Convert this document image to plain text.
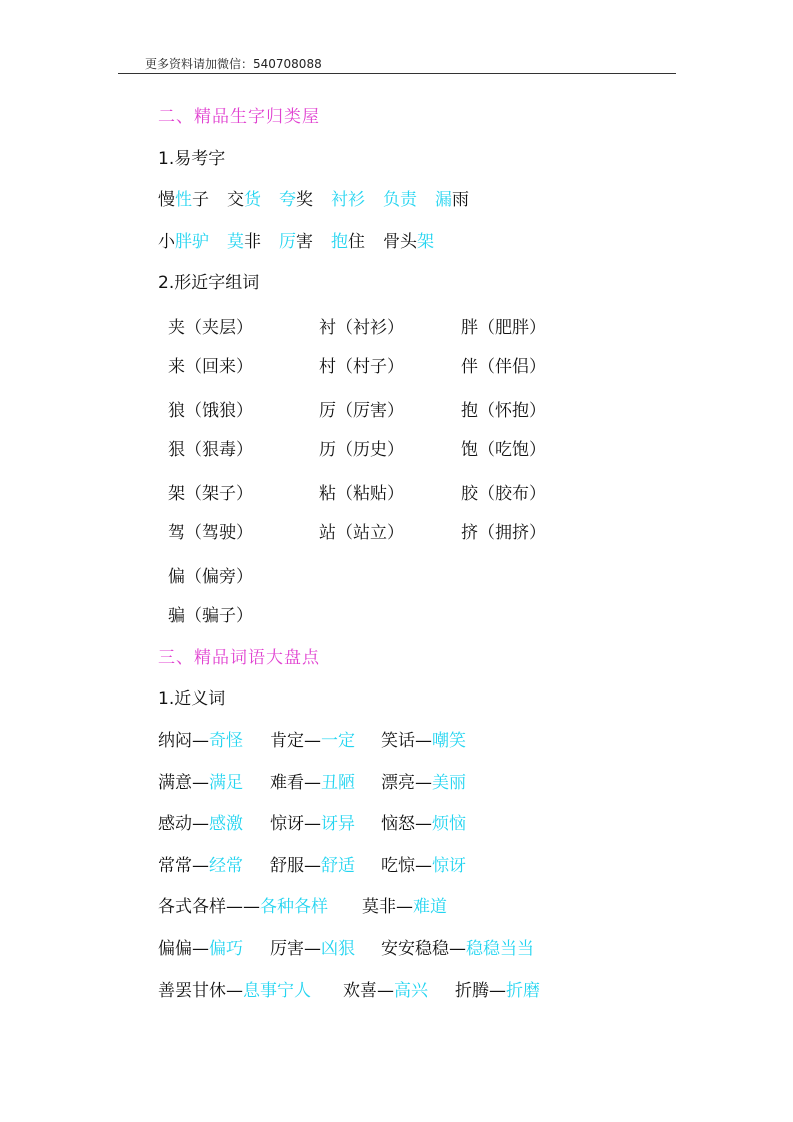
更多资料请加微信：540708088
二、精品生字归类屋
1.易考字
慢性子 交货 夸奖 衬衫 负责 漏雨
小胖驴 莫非 厉害 抱住 骨头架
2.形近字组词
夹（夹层）	衬（衬衫）	胖（肥胖）
来（回来）	村（村子）	伴（伴侣）
狼（饿狼）	厉（厉害）	抱（怀抱）
狠（狠毒）	历（历史）	饱（吃饱）
架（架子）	粘（粘贴）	胶（胶布）
驾（驾驶）	站（站立）	挤（拥挤）
偏（偏旁）
骗（骗子）
三、精品词语大盘点
1.近义词
纳闷—奇怪 肯定—一定 笑话—嘲笑
满意—满足 难看—丑陋 漂亮—美丽
感动—感激 惊讶—讶异 恼怒—烦恼
常常—经常 舒服—舒适 吃惊—惊讶
各式各样——各种各样 莫非—难道
偏偏—偏巧 厉害—凶狠 安安稳稳—稳稳当当
善罢甘休—息事宁人 欢喜—高兴 折腾—折磨
